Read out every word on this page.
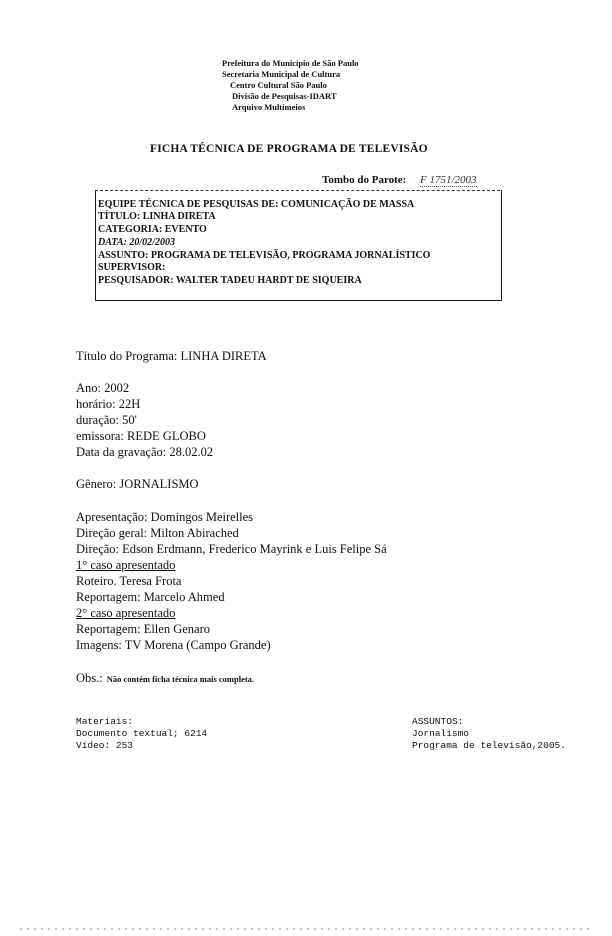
Prefeitura do Município de São Paulo
Secretaria Municipal de Cultura
Centro Cultural São Paulo
Divisão de Pesquisas-IDART
Arquivo Multimeios
FICHA TÉCNICA DE PROGRAMA DE TELEVISÃO
Tombo do Parote: F 1751/2003
EQUIPE TÉCNICA DE PESQUISAS DE: COMUNICAÇÃO DE MASSA
TÍTULO: LINHA DIRETA
CATEGORIA: EVENTO
DATA: 20/02/2003
ASSUNTO: PROGRAMA DE TELEVISÃO, PROGRAMA JORNALÍSTICO
SUPERVISOR:
PESQUISADOR: WALTER TADEU HARDT DE SIQUEIRA
Título do Programa: LINHA DIRETA
Ano: 2002
horário: 22H
duração: 50'
emissora: REDE GLOBO
Data da gravação: 28.02.02
Gênero: JORNALISMO
Apresentação: Domingos Meirelles
Direção geral: Milton Abirached
Direção: Edson Erdmann, Frederico Mayrink e Luis Felipe Sá
1° caso apresentado
Roteiro. Teresa Frota
Reportagem: Marcelo Ahmed
2° caso apresentado
Reportagem: Ellen Genaro
Imagens: TV Morena (Campo Grande)
Obs.: Não contém ficha técnica mais completa.
Materiais:
Documento textual; 6214
Vídeo: 253
ASSUNTOS:
Jornalismo
Programa de televisão,2005.
